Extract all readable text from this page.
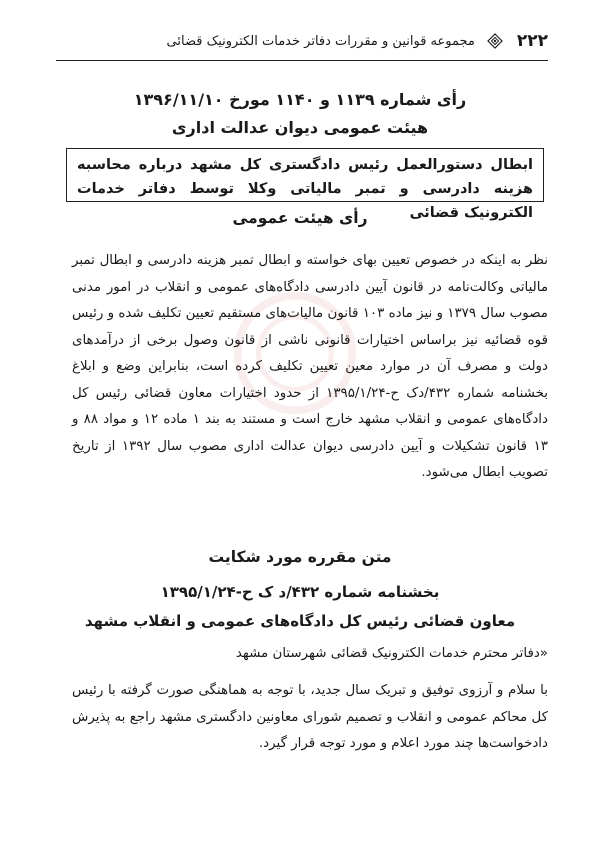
۲۲۲
مجموعه قوانین و مقررات دفاتر خدمات الکترونیک قضائی
رأی شماره ۱۱۳۹ و ۱۱۴۰ مورخ ۱۳۹۶/۱۱/۱۰
هیئت عمومی دیوان عدالت اداری
ابطال دستورالعمل رئیس دادگستری کل مشهد درباره محاسبه هزینه دادرسی و تمبر مالیاتی وکلا توسط دفاتر خدمات الکترونیک قضائی
رأی هیئت عمومی
نظر به اینکه در خصوص تعیین بهای خواسته و ابطال تمبر هزینه دادرسی و ابطال تمبر مالیاتی وکالت‌نامه در قانون آیین دادرسی دادگاه‌های عمومی و انقلاب در امور مدنی مصوب سال ۱۳۷۹ و نیز ماده ۱۰۳ قانون مالیات‌های مستقیم تعیین تکلیف شده و رئیس قوه قضائیه نیز براساس اختیارات قانونی ناشی از قانون وصول برخی از درآمدهای دولت و مصرف آن در موارد معین تعیین تکلیف کرده است، بنابراین وضع و ابلاغ بخشنامه شماره ۴۳۲/دک ح-۱۳۹۵/۱/۲۴ از حدود اختیارات معاون قضائی رئیس کل دادگاه‌های عمومی و انقلاب مشهد خارج است و مستند به بند ۱ ماده ۱۲ و مواد ۸۸ و ۱۳ قانون تشکیلات و آیین دادرسی دیوان عدالت اداری مصوب سال ۱۳۹۲ از تاریخ تصویب ابطال می‌شود.
متن مقرره مورد شکایت
بخشنامه شماره ۴۳۲/د ک ح-۱۳۹۵/۱/۲۴
معاون قضائی رئیس کل دادگاه‌های عمومی و انقلاب مشهد
«دفاتر محترم خدمات الکترونیک قضائی شهرستان مشهد
با سلام و آرزوی توفیق و تبریک سال جدید، با توجه به هماهنگی صورت گرفته با رئیس کل محاکم عمومی و انقلاب و تصمیم شورای معاونین دادگستری مشهد راجع به پذیرش دادخواست‌ها چند مورد اعلام و مورد توجه قرار گیرد.
